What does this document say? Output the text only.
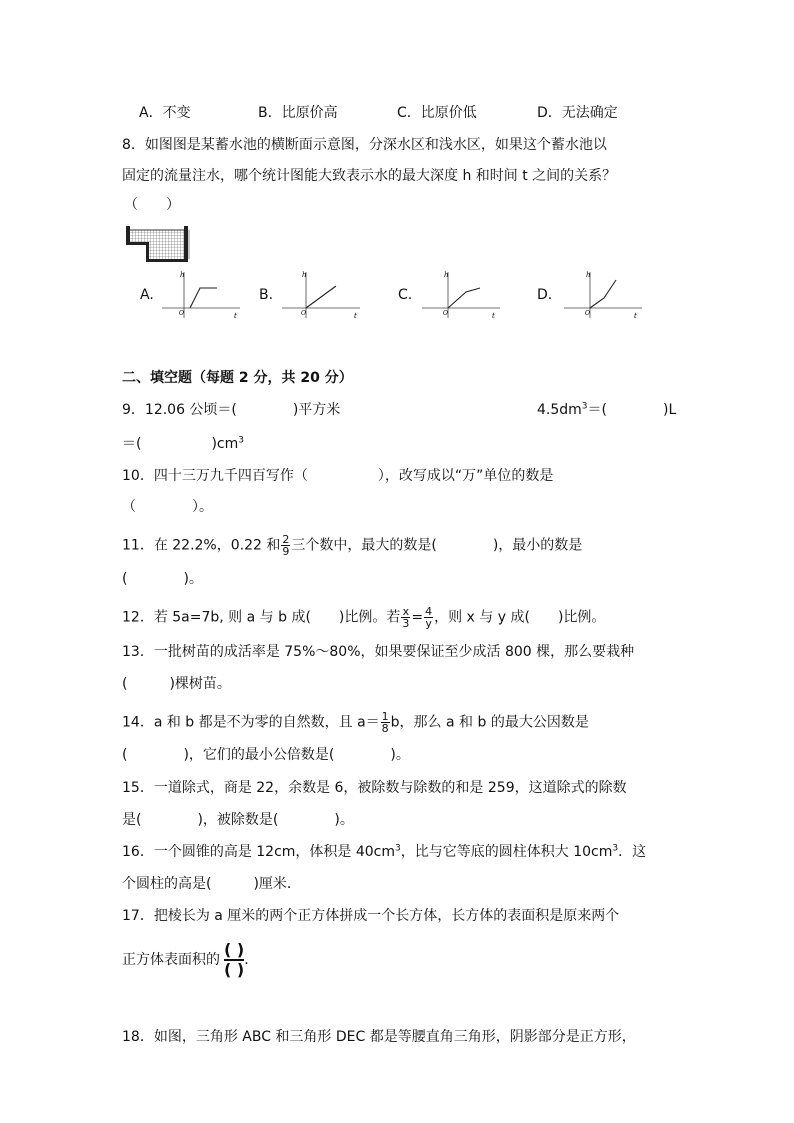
A．不变	B．比原价高	C．比原价低	D．无法确定
8．如图图是某蓄水池的横断面示意图，分深水区和浅水区，如果这个蓄水池以
固定的流量注水，哪个统计图能大致表示水的最大深度 h 和时间 t 之间的关系？
（　　）
A.	B.	C.	D.
h
t
O
h
t
O
h
t
O
h
t
O
二、填空题（每题 2 分，共 20 分）
9．12.06 公顷＝(　　　　)平方米	$4.5dm^3=$(　　　　)L
＝(　　　　　)$cm^3$
10．四十三万九千四百写作（　　　　　），改写成以“万”单位的数是
（　　　　）。
11．在 22.2%，0.22 和 $\frac{2}{9}$ 三个数中，最大的数是(　　　　)，最小的数是
(　　　　)。
12．若 5a=7b, 则 a 与 b 成(　　)比例。若 $\frac{x}{3} = \frac{4}{y}$ ，则 x 与 y 成(　　)比例。
13．一批树苗的成活率是 75%～80%，如果要保证至少成活 800 棵，那么要栽种
(　　　)棵树苗。
14．a 和 b 都是不为零的自然数，且 $a= \frac{1}{8}$ b，那么 a 和 b 的最大公因数是
(　　　　)，它们的最小公倍数是(　　　　)。
15．一道除式，商是 22，余数是 6，被除数与除数的和是 259，这道除式的除数
是(　　　　)，被除数是(　　　　)。
16．一个圆锥的高是 12cm，体积是 $40cm^3$，比与它等底的圆柱体积大 $10cm^3$．这
个圆柱的高是(　　　)厘米．
17．把棱长为 a 厘米的两个正方体拼成一个长方体，长方体的表面积是原来两个
正方体表面积的
( )
( ) .
18．如图，三角形 ABC 和三角形 DEC 都是等腰直角三角形，阴影部分是正方形，
